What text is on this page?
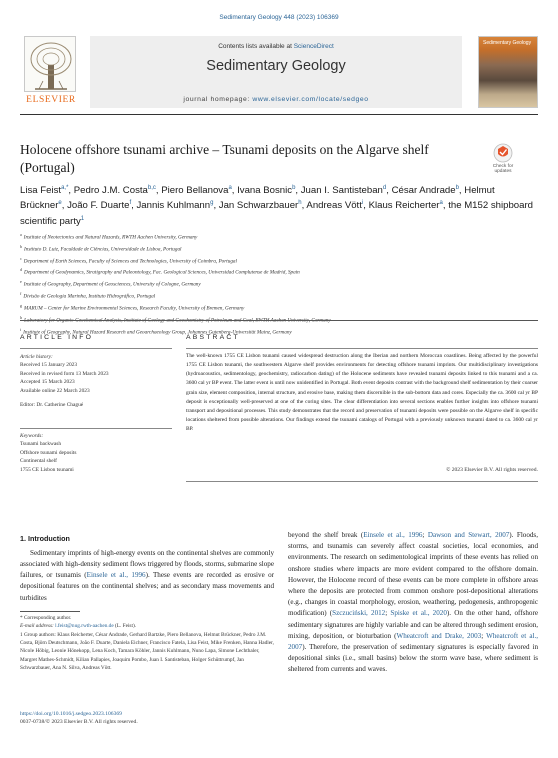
Sedimentary Geology 448 (2023) 106369
ELSEVIER
Contents lists available at ScienceDirect
Sedimentary Geology
journal homepage: www.elsevier.com/locate/sedgeo
Sedimentary Geology
Holocene offshore tsunami archive – Tsunami deposits on the Algarve shelf (Portugal)	Check for updates
Lisa Feist$^{a,*}$, Pedro J.M. Costa$^{b,c}$, Piero Bellanova$^a$, Ivana Bosnic$^b$, Juan I. Santisteban$^d$, César Andrade$^b$, Helmut Brückner$^e$, João F. Duarte$^f$, Jannis Kuhlmann$^g$, Jan Schwarzbauer$^h$, Andreas Vött$^i$, Klaus Reicherter$^a$, the M152 shipboard scientific party$^1$
$^a$Institute of Neotectonics and Natural Hazards, RWTH Aachen University, Germany
$^b$Instituto D. Luiz, Faculdade de Ciências, Universidade de Lisboa, Portugal
$^c$Department of Earth Sciences, Faculty of Sciences and Technologies, University of Coimbra, Portugal
$^d$Department of Geodynamics, Stratigraphy and Paleontology, Fac. Geological Sciences, Universidad Complutense de Madrid, Spain
$^e$Institute of Geography, Department of Geosciences, University of Cologne, Germany
$^f$Divisão de Geologia Marinha, Instituto Hidrográfico, Portugal
$^g$MARUM – Center for Marine Environmental Sciences, Research Faculty, University of Bremen, Germany
$^h$Laboratory for Organic-Geochemical Analysis, Institute of Geology and Geochemistry of Petroleum and Coal, RWTH Aachen University, Germany
$^i$Institute of Geography, Natural Hazard Research and Geoarchaeology Group, Johannes Gutenberg-Universität Mainz, Germany
ARTICLE INFO	ABSTRACT
Article history:
Received 15 January 2023
Received in revised form 13 March 2023
Accepted 15 March 2023
Available online 22 March 2023
Editor: Dr. Catherine Chagué
Keywords:
Tsunami backwash
Offshore tsunami deposits
Continental shelf
1755 CE Lisbon tsunami

The well-known 1755 CE Lisbon tsunami caused widespread destruction along the Iberian and northern Moroccan coastlines. Being affected by the powerful 1755 CE Lisbon tsunami, the southwestern Algarve shelf provides environments for detecting offshore tsunami imprints. Our multidisciplinary investigations (hydroacoustics, sedimentology, geochemistry, radiocarbon dating) of the Holocene sediments have revealed tsunami deposits linked to this tsunami and a ca. 3600 cal yr BP event. The latter event is until now unidentified in Portugal. Both event deposits contrast with the background shelf sedimentation by their coarser grain size, element composition, internal structure, and erosive base, making them discernible in the sub-bottom data and cores. Especially the ca. 3600 cal yr BP deposit is exceptionally well-preserved at one of the coring sites. The clear differentiation into several sections enables further insights into offshore tsunami transport and depositional processes. This study demonstrates that the record and preservation of tsunami deposits were possible on the Algarve shelf in specific locations sheltered from possible alterations. Our findings extend the tsunami catalogs of Portugal with a previously unknown tsunami dated to ca. 3600 cal yr BP.

© 2023 Elsevier B.V. All rights reserved.
1. Introduction

Sedimentary imprints of high-energy events on the continental shelves are commonly associated with high-density sediment flows triggered by floods, storms, submarine slope failures, or tsunamis (Einsele et al., 1996). These events are recorded as erosive or depositional features on the continental shelves; and as secondary mass movements and turbidites

beyond the shelf break (Einsele et al., 1996; Dawson and Stewart, 2007). Floods, storms, and tsunamis can severely affect coastal societies, local economies, and environments. The research on sedimentological imprints of these events has relied on onshore studies where impacts are more evident compared to the offshore domain. However, the Holocene record of these events can be more complete in offshore areas where the deposits are protected from common onshore post-depositional alterations (e.g., changes in coastal morphology, erosion, weathering, pedogenesis, anthropogenic modification) (Szczuciński, 2012; Spiske et al., 2020). On the other hand, offshore sedimentary signatures are highly variable and can be altered through sediment erosion, mixing, deposition, or bioturbation (Wheatcroft and Drake, 2003; Wheatcroft et al., 2007). Therefore, the preservation of sedimentary signatures is especially favored in depositional sinks (i.e., small basins) below the storm wave base, where sediment is sheltered from currents and waves.

* Corresponding author.
E-mail address: l.feist@nug.rwth-aachen.de (L. Feist).
1 Group authors: Klaus Reicherter, César Andrade, Gerhard Bartzke, Piero Bellanova, Helmut Brückner, Pedro J.M. Costa, Björn Deutschmann, João F. Duarte, Daniela Eichner, Francisco Fatela, Lisa Feist, Mike Frenken, Hanna Hadler, Nicole Höbig, Leonie Hönekopp, Lena Koch, Tamara Köhler, Jannis Kuhlmann, Nuno Lapa, Simone Lechthaler, Margret Mathes-Schmidt, Kilian Pallapies, Joaquim Pombo, Juan I. Santisteban, Holger Schüttrumpf, Jan Schwarzbauer, Ana N. Silva, Andreas Vött.
https://doi.org/10.1016/j.sedgeo.2023.106369
0037-0738/© 2023 Elsevier B.V. All rights reserved.
